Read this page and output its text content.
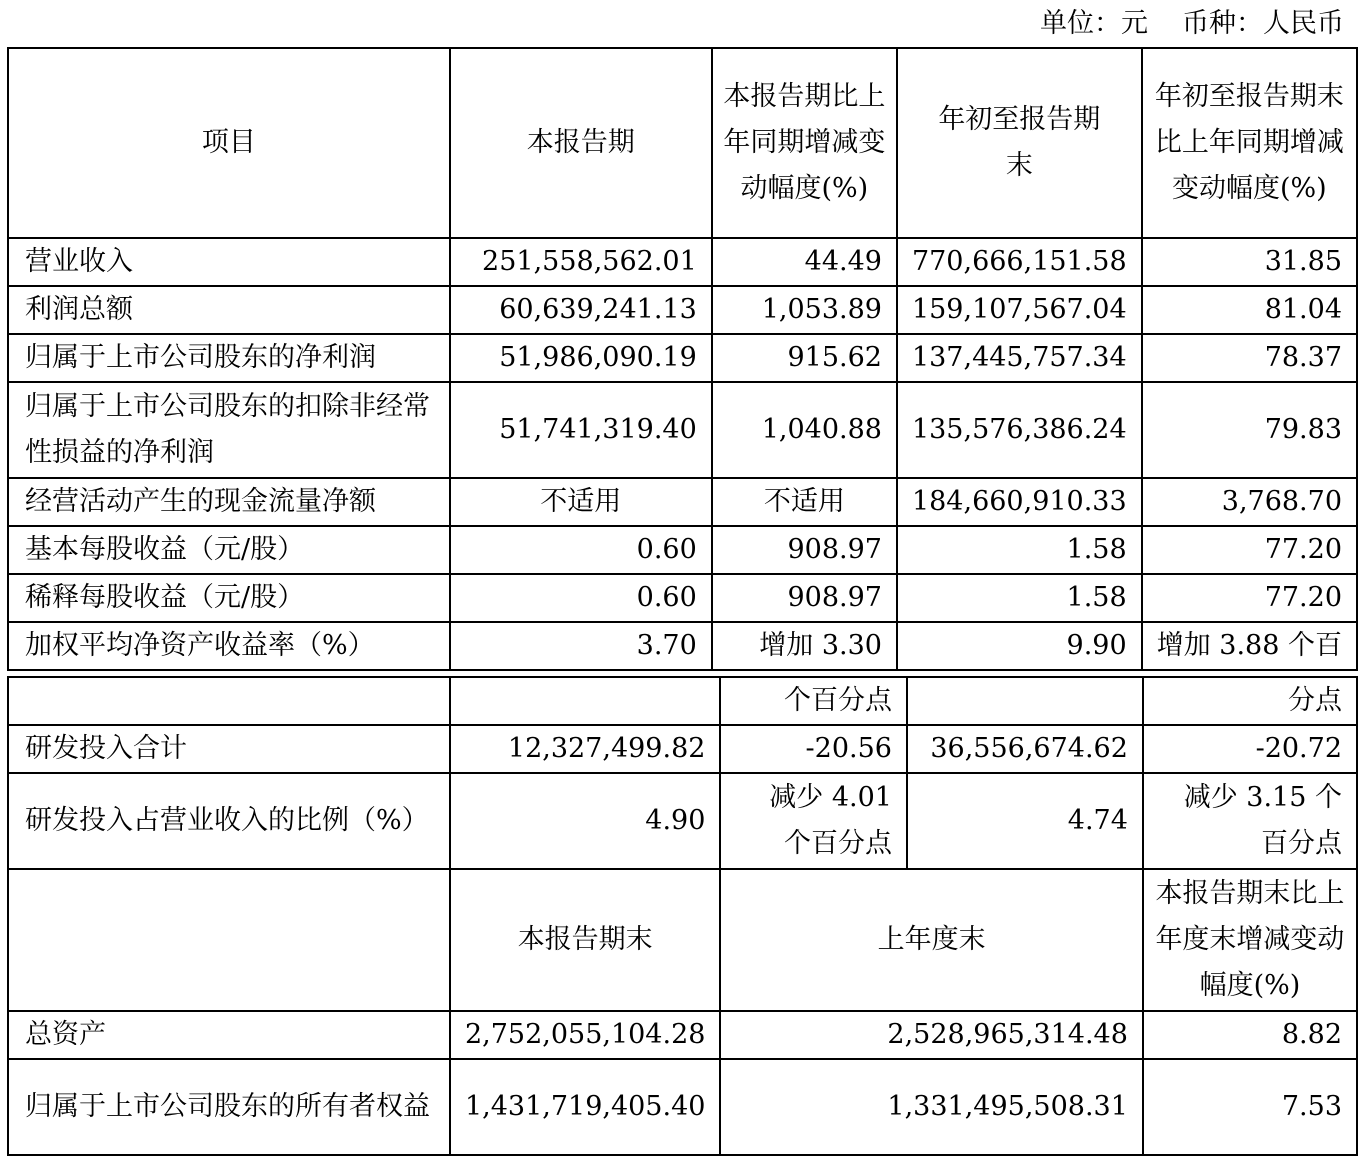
单位：元 币种：人民币
项目	本报告期	本报告期比上年同期增减变动幅度(%)	年初至报告期末	年初至报告期末比上年同期增减变动幅度(%)
营业收入	251,558,562.01	44.49	770,666,151.58	31.85
利润总额	60,639,241.13	1,053.89	159,107,567.04	81.04
归属于上市公司股东的净利润	51,986,090.19	915.62	137,445,757.34	78.37
归属于上市公司股东的扣除非经常性损益的净利润	51,741,319.40	1,040.88	135,576,386.24	79.83
经营活动产生的现金流量净额	不适用	不适用	184,660,910.33	3,768.70
基本每股收益（元/股）	0.60	908.97	1.58	77.20
稀释每股收益（元/股）	0.60	908.97	1.58	77.20
加权平均净资产收益率（%）	3.70	增加 3.30	9.90	增加 3.88 个百
		个百分点		分点
研发投入合计	12,327,499.82	-20.56	36,556,674.62	-20.72
研发投入占营业收入的比例（%）	4.90	减少 4.01 个百分点	4.74	减少 3.15 个百分点
	本报告期末	上年度末		本报告期末比上年度末增减变动幅度(%)
总资产	2,752,055,104.28	2,528,965,314.48		8.82
归属于上市公司股东的所有者权益	1,431,719,405.40	1,331,495,508.31		7.53
